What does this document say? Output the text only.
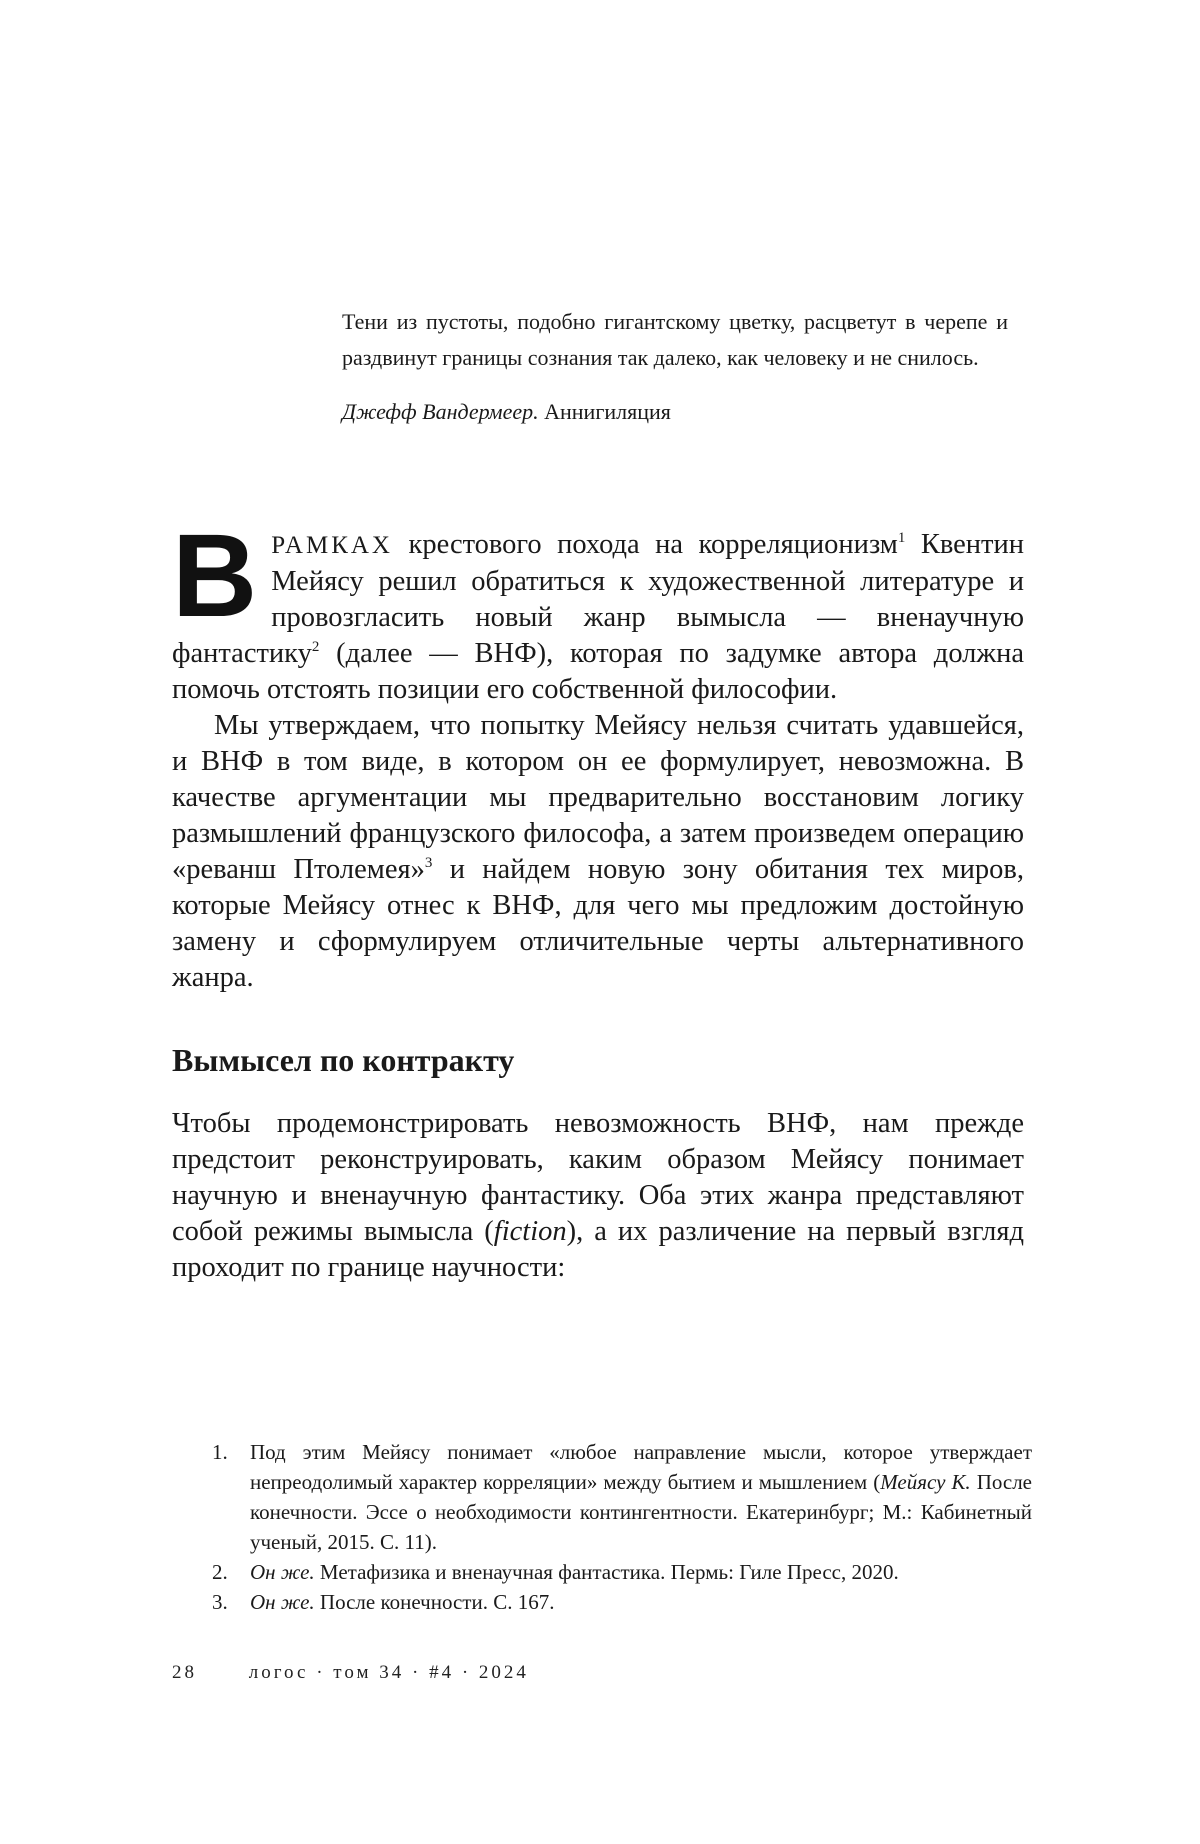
Тени из пустоты, подобно гигантскому цветку, расцветут в черепе и раздвинут границы сознания так далеко, как человеку и не снилось.

Джефф Вандермеер. Аннигиляция

ВРАМКАХ крестового похода на корреляционизм$^1$ Квентин Мейясу решил обратиться к художественной литературе и провозгласить новый жанр вымысла — вненаучную фантастику$^2$ (далее — ВНФ), которая по задумке автора должна помочь отстоять позиции его собственной философии.

Мы утверждаем, что попытку Мейясу нельзя считать удавшейся, и ВНФ в том виде, в котором он ее формулирует, невозможна. В качестве аргументации мы предварительно восстановим логику размышлений французского философа, а затем произведем операцию «реванш Птолемея»$^3$ и найдем новую зону обитания тех миров, которые Мейясу отнес к ВНФ, для чего мы предложим достойную замену и сформулируем отличительные черты альтернативного жанра.

Вымысел по контракту

Чтобы продемонстрировать невозможность ВНФ, нам прежде предстоит реконструировать, каким образом Мейясу понимает научную и вненаучную фантастику. Оба этих жанра представляют собой режимы вымысла (fiction), а их различение на первый взгляд проходит по границе научности:

1. Под этим Мейясу понимает «любое направление мысли, которое утверждает непреодолимый характер корреляции» между бытием и мышлением (Мейясу К. После конечности. Эссе о необходимости контингентности. Екатеринбург; М.: Кабинетный ученый, 2015. С. 11).
2. Он же. Метафизика и вненаучная фантастика. Пермь: Гиле Пресс, 2020.
3. Он же. После конечности. С. 167.
28	логос · том 34 · #4 · 2024
